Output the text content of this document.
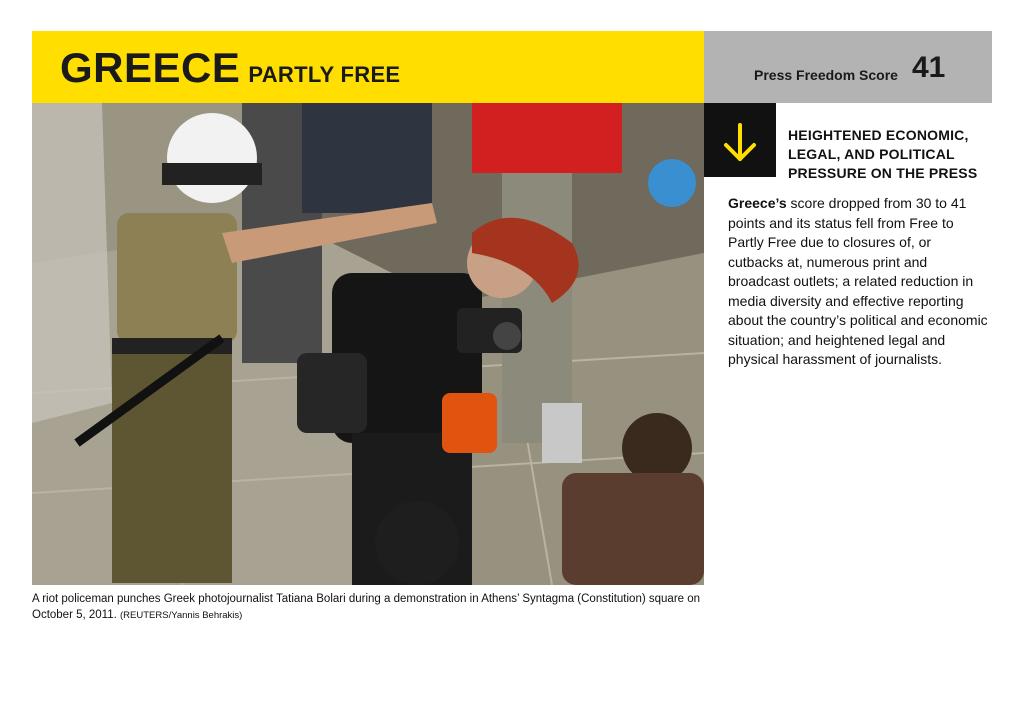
GREECE PARTLY FREE	Press Freedom Score 41
HEIGHTENED ECONOMIC, LEGAL, AND POLITICAL PRESSURE ON THE PRESS
Greece’s score dropped from 30 to 41 points and its status fell from Free to Partly Free due to closures of, or cutbacks at, numerous print and broadcast outlets; a related reduction in media diversity and effective reporting about the country’s political and economic situation; and heightened legal and physical harassment of journalists.
A riot policeman punches Greek photojournalist Tatiana Bolari during a demonstration in Athens’ Syntagma (Constitution) square on October 5, 2011. (REUTERS/Yannis Behrakis)
